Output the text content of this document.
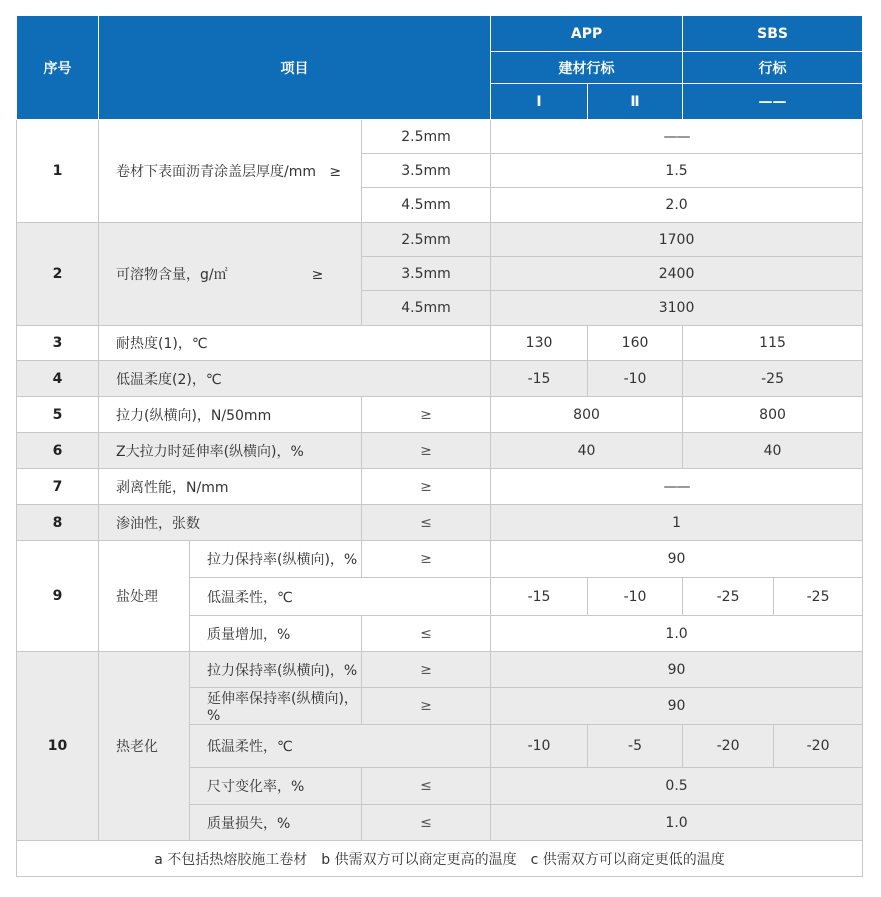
序号	项目			APP		SBS	
				建材行标		行标	
				Ⅰ	Ⅱ	——	
1	卷材下表面沥青涂盖层厚度/mm ≥		2.5mm	——			
			3.5mm	1.5			
			4.5mm	2.0			
2	可溶物含量，g/㎡ ≥		2.5mm	1700			
			3.5mm	2400			
			4.5mm	3100			
3	耐热度(1)，℃			130	160	115	
4	低温柔度(2)，℃			-15	-10	-25	
5	拉力(纵横向)，N/50mm		≥	800		800	
6	Z大拉力时延伸率(纵横向)，%		≥	40		40	
7	剥离性能，N/mm		≥	——			
8	渗油性，张数		≤	1			
9	盐处理	拉力保持率(纵横向)，%	≥	90			
		低温柔性，℃		-15	-10	-25	-25
		质量增加，%	≤	1.0			
10	热老化	拉力保持率(纵横向)，%	≥	90			
		延伸率保持率(纵横向)，%	≥	90			
		低温柔性，℃		-10	-5	-20	-20
		尺寸变化率，%	≤	0.5			
		质量损失，%	≤	1.0			
a 不包括热熔胶施工卷材　b 供需双方可以商定更高的温度　c 供需双方可以商定更低的温度							
